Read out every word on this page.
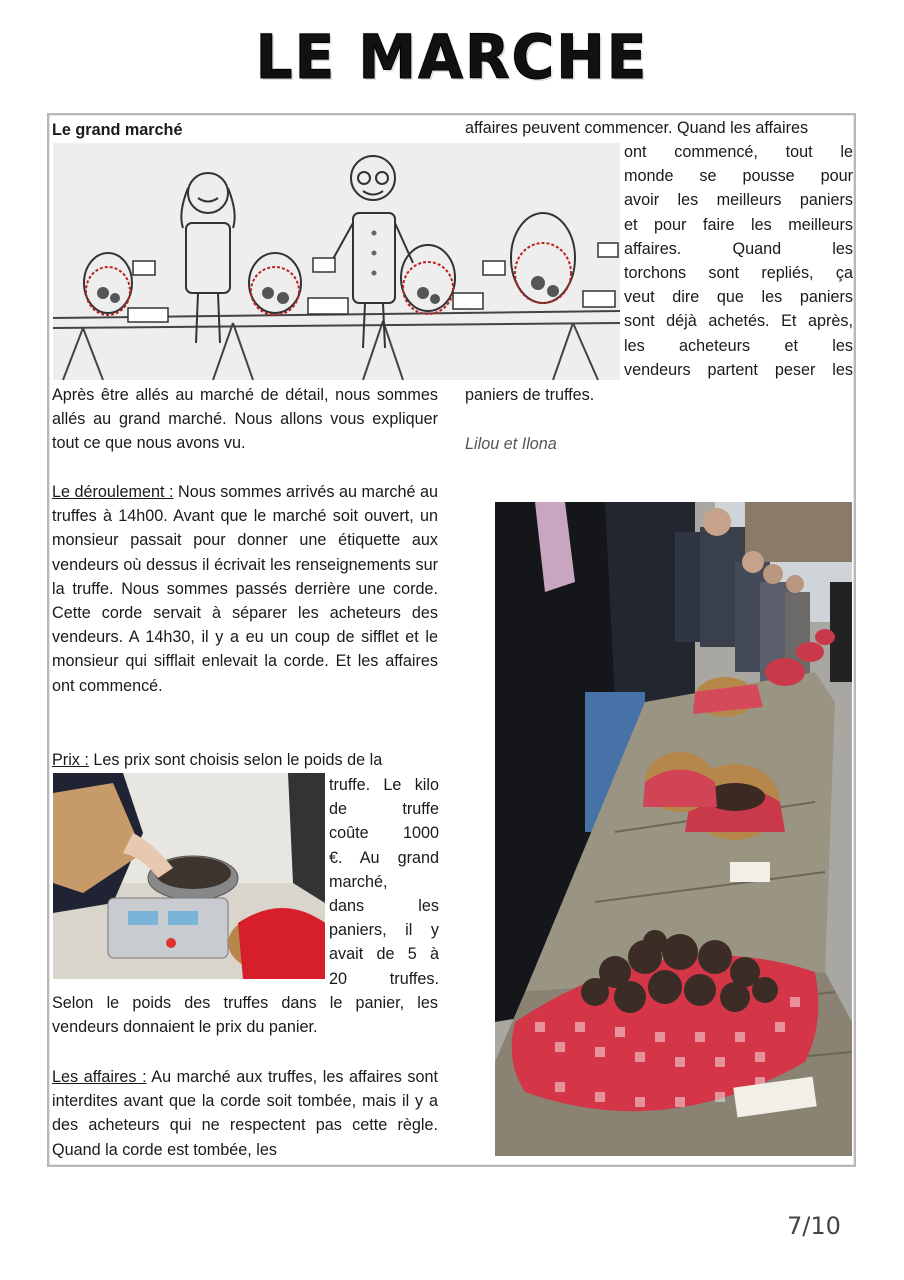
LE MARCHE
Le grand marché
Après être allés au marché de détail, nous sommes allés au grand marché. Nous allons vous expliquer tout ce que nous avons vu.
Le déroulement : Nous sommes arrivés au marché au truffes à 14h00. Avant que le marché soit ouvert, un monsieur passait pour donner une étiquette aux vendeurs où dessus il écrivait les renseignements sur la truffe. Nous sommes passés derrière une corde. Cette corde servait à séparer les acheteurs des vendeurs. A 14h30, il y a eu un coup de sifflet et le monsieur qui sifflait enlevait la corde. Et les affaires ont commencé.
Prix : Les prix sont choisis selon le poids de la
truffe. Le kilo
de truffe
coûte 1000
€. Au grand
marché,
dans les
paniers, il y
avait de 5 à
20 truffes.
Selon le poids des truffes dans le panier, les vendeurs donnaient le prix du panier.
Les affaires : Au marché aux truffes, les affaires sont interdites avant que la corde soit tombée, mais il y a des acheteurs qui ne respectent pas cette règle. Quand la corde est tombée, les
affaires peuvent commencer. Quand les affaires
ont commencé, tout le
monde se pousse pour
avoir les meilleurs paniers
et pour faire les meilleurs
affaires. Quand les
torchons sont repliés, ça
veut dire que les paniers
sont déjà achetés. Et après,
les acheteurs et les
vendeurs partent peser les
paniers de truffes.
Lilou et Ilona
7/10
